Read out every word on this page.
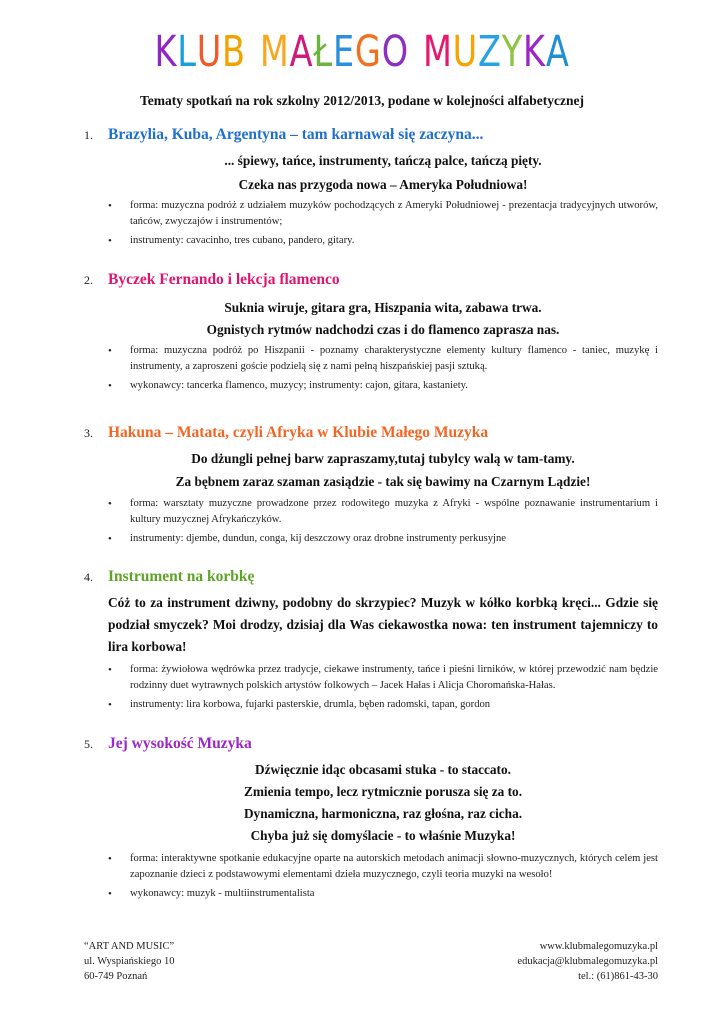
KLUB MAŁEGO MUZYKA
Tematy spotkań na rok szkolny 2012/2013, podane w kolejności alfabetycznej
1. Brazylia, Kuba, Argentyna – tam karnawał się zaczyna...
... śpiewy, tańce, instrumenty, tańczą palce, tańczą pięty.
Czeka nas przygoda nowa – Ameryka Południowa!
• forma: muzyczna podróż z udziałem muzyków pochodzących z Ameryki Południowej - prezentacja tradycyjnych utworów, tańców, zwyczajów i instrumentów;
• instrumenty: cavacinho, tres cubano, pandero, gitary.
2. Byczek Fernando i lekcja flamenco
Suknia wiruje, gitara gra, Hiszpania wita, zabawa trwa.
Ognistych rytmów nadchodzi czas i do flamenco zaprasza nas.
• forma: muzyczna podróż po Hiszpanii - poznamy charakterystyczne elementy kultury flamenco - taniec, muzykę i instrumenty, a zaproszeni goście podzielą się z nami pełną hiszpańskiej pasji sztuką.
• wykonawcy: tancerka flamenco, muzycy; instrumenty: cajon, gitara, kastaniety.
3. Hakuna – Matata, czyli Afryka w Klubie Małego Muzyka
Do dżungli pełnej barw zapraszamy,tutaj tubylcy walą w tam-tamy.
Za bębnem zaraz szaman zasiądzie - tak się bawimy na Czarnym Lądzie!
• forma: warsztaty muzyczne prowadzone przez rodowitego muzyka z Afryki - wspólne poznawanie instrumentarium i kultury muzycznej Afrykańczyków.
• instrumenty: djembe, dundun, conga, kij deszczowy oraz drobne instrumenty perkusyjne
4. Instrument na korbkę
Cóż to za instrument dziwny, podobny do skrzypiec? Muzyk w kółko korbką kręci... Gdzie się podział smyczek? Moi drodzy, dzisiaj dla Was ciekawostka nowa: ten instrument tajemniczy to lira korbowa!
• forma: żywiołowa wędrówka przez tradycje, ciekawe instrumenty, tańce i pieśni lirników, w której przewodzić nam będzie rodzinny duet wytrawnych polskich artystów folkowych – Jacek Hałas i Alicja Choromańska-Hałas.
• instrumenty: lira korbowa, fujarki pasterskie, drumla, bęben radomski, tapan, gordon
5. Jej wysokość Muzyka
Dźwięcznie idąc obcasami stuka - to staccato.
Zmienia tempo, lecz rytmicznie porusza się za to.
Dynamiczna, harmoniczna, raz głośna, raz cicha.
Chyba już się domyślacie - to właśnie Muzyka!
• forma: interaktywne spotkanie edukacyjne oparte na autorskich metodach animacji słowno-muzycznych, których celem jest zapoznanie dzieci z podstawowymi elementami dzieła muzycznego, czyli teoria muzyki na wesoło!
• wykonawcy: muzyk - multiinstrumentalista
“ART AND MUSIC”
ul. Wyspiańskiego 10
60-749 Poznań
www.klubmalegomuzyka.pl
edukacja@klubmalegomuzyka.pl
tel.: (61)861-43-30
